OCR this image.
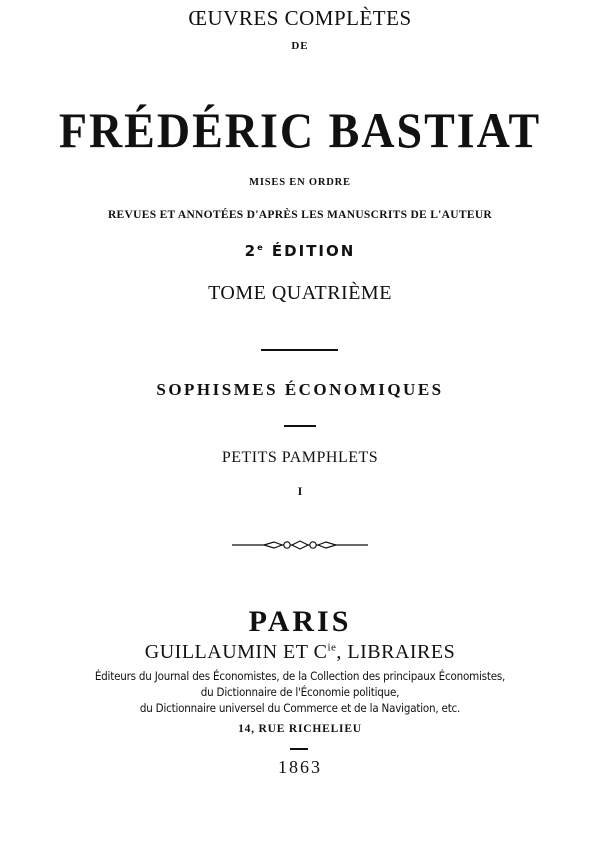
ŒUVRES COMPLÈTES
DE
FRÉDÉRIC BASTIAT
MISES EN ORDRE
REVUES ET ANNOTÉES D'APRÈS LES MANUSCRITS DE L'AUTEUR
2e ÉDITION
TOME QUATRIÈME
SOPHISMES ÉCONOMIQUES
PETITS PAMPHLETS
I
PARIS
GUILLAUMIN ET $C^{ie}$, LIBRAIRES
Éditeurs du Journal des Économistes, de la Collection des principaux Économistes,
du Dictionnaire de l'Économie politique,
du Dictionnaire universel du Commerce et de la Navigation, etc.
14, RUE RICHELIEU
1863
